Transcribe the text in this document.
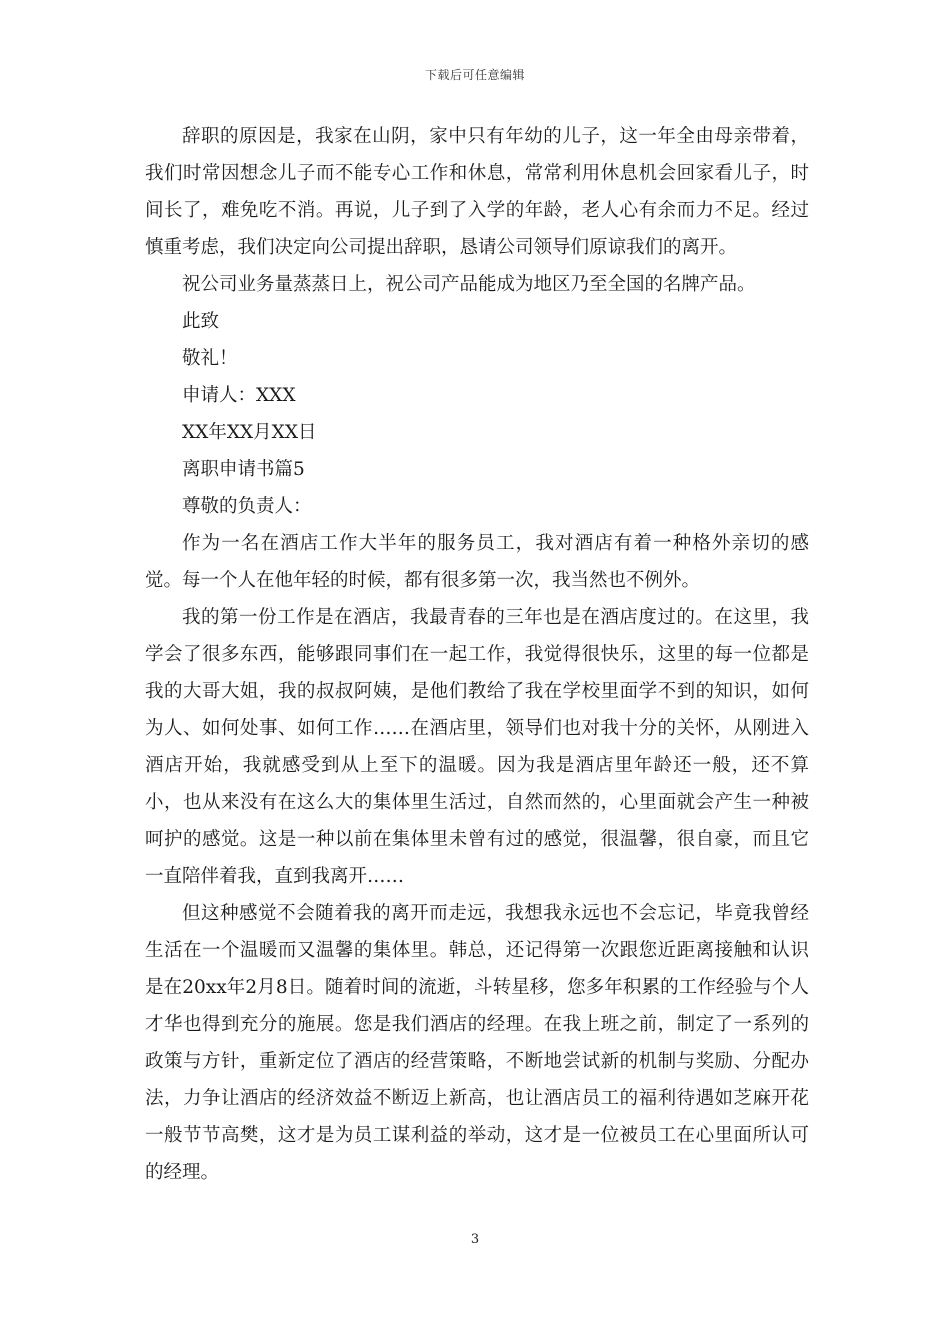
下载后可任意编辑

辞职的原因是，我家在山阴，家中只有年幼的儿子，这一年全由母亲带着，我们时常因想念儿子而不能专心工作和休息，常常利用休息机会回家看儿子，时间长了，难免吃不消。再说，儿子到了入学的年龄，老人心有余而力不足。经过慎重考虑，我们决定向公司提出辞职，恳请公司领导们原谅我们的离开。

祝公司业务量蒸蒸日上，祝公司产品能成为地区乃至全国的名牌产品。

此致

敬礼！

申请人：XXX

XX年XX月XX日

离职申请书篇5

尊敬的负责人：

作为一名在酒店工作大半年的服务员工，我对酒店有着一种格外亲切的感觉。每一个人在他年轻的时候，都有很多第一次，我当然也不例外。

我的第一份工作是在酒店，我最青春的三年也是在酒店度过的。在这里，我学会了很多东西，能够跟同事们在一起工作，我觉得很快乐，这里的每一位都是我的大哥大姐，我的叔叔阿姨，是他们教给了我在学校里面学不到的知识，如何为人、如何处事、如何工作……在酒店里，领导们也对我十分的关怀，从刚进入酒店开始，我就感受到从上至下的温暖。因为我是酒店里年龄还一般，还不算小，也从来没有在这么大的集体里生活过，自然而然的，心里面就会产生一种被呵护的感觉。这是一种以前在集体里未曾有过的感觉，很温馨，很自豪，而且它一直陪伴着我，直到我离开……

但这种感觉不会随着我的离开而走远，我想我永远也不会忘记，毕竟我曾经生活在一个温暖而又温馨的集体里。韩总，还记得第一次跟您近距离接触和认识是在20xx年2月8日。随着时间的流逝，斗转星移，您多年积累的工作经验与个人才华也得到充分的施展。您是我们酒店的经理。在我上班之前，制定了一系列的政策与方针，重新定位了酒店的经营策略，不断地尝试新的机制与奖励、分配办法，力争让酒店的经济效益不断迈上新高，也让酒店员工的福利待遇如芝麻开花一般节节高樊，这才是为员工谋利益的举动，这才是一位被员工在心里面所认可的经理。

3
